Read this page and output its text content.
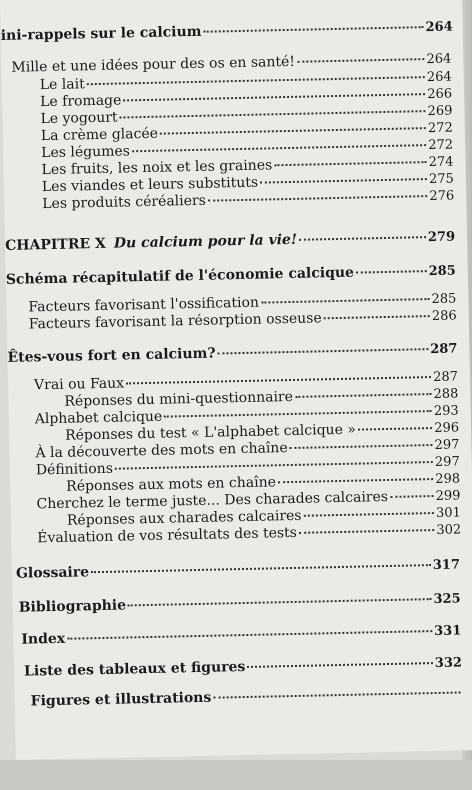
ini-rappels sur le calcium	264
Mille et une idées pour des os en santé!	264
Le lait	264
Le fromage	266
Le yogourt	269
La crème glacée	272
Les légumes	272
Les fruits, les noix et les graines	274
Les viandes et leurs substituts	275
Les produits céréaliers	276
CHAPITRE X Du calcium pour la vie!	279
Schéma récapitulatif de l'économie calcique	285
Facteurs favorisant l'ossification	285
Facteurs favorisant la résorption osseuse	286
Êtes-vous fort en calcium?	287
Vrai ou Faux	287
Réponses du mini-questionnaire	288
Alphabet calcique	293
Réponses du test « L'alphabet calcique »	296
À la découverte des mots en chaîne	297
Définitions	297
Réponses aux mots en chaîne	298
Cherchez le terme juste... Des charades calcaires	299
Réponses aux charades calcaires	301
Évaluation de vos résultats des tests	302
Glossaire	317
Bibliographie	325
Index	331
Liste des tableaux et figures	332
Figures et illustrations
